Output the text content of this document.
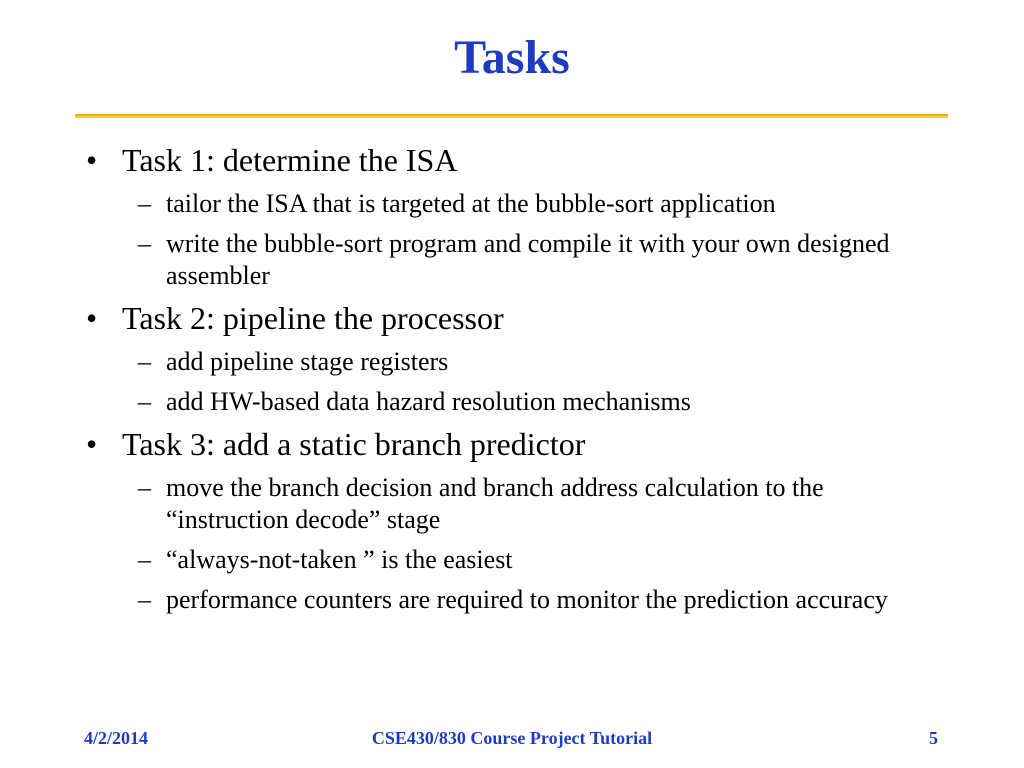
Tasks
• Task 1: determine the ISA
– tailor the ISA that is targeted at the bubble-sort application
– write the bubble-sort program and compile it with your own designed assembler
• Task 2: pipeline the processor
– add pipeline stage registers
– add HW-based data hazard resolution mechanisms
• Task 3: add a static branch predictor
– move the branch decision and branch address calculation to the “instruction decode” stage
– “always-not-taken ” is the easiest
– performance counters are required to monitor the prediction accuracy
4/2/2014	CSE430/830 Course Project Tutorial	5
